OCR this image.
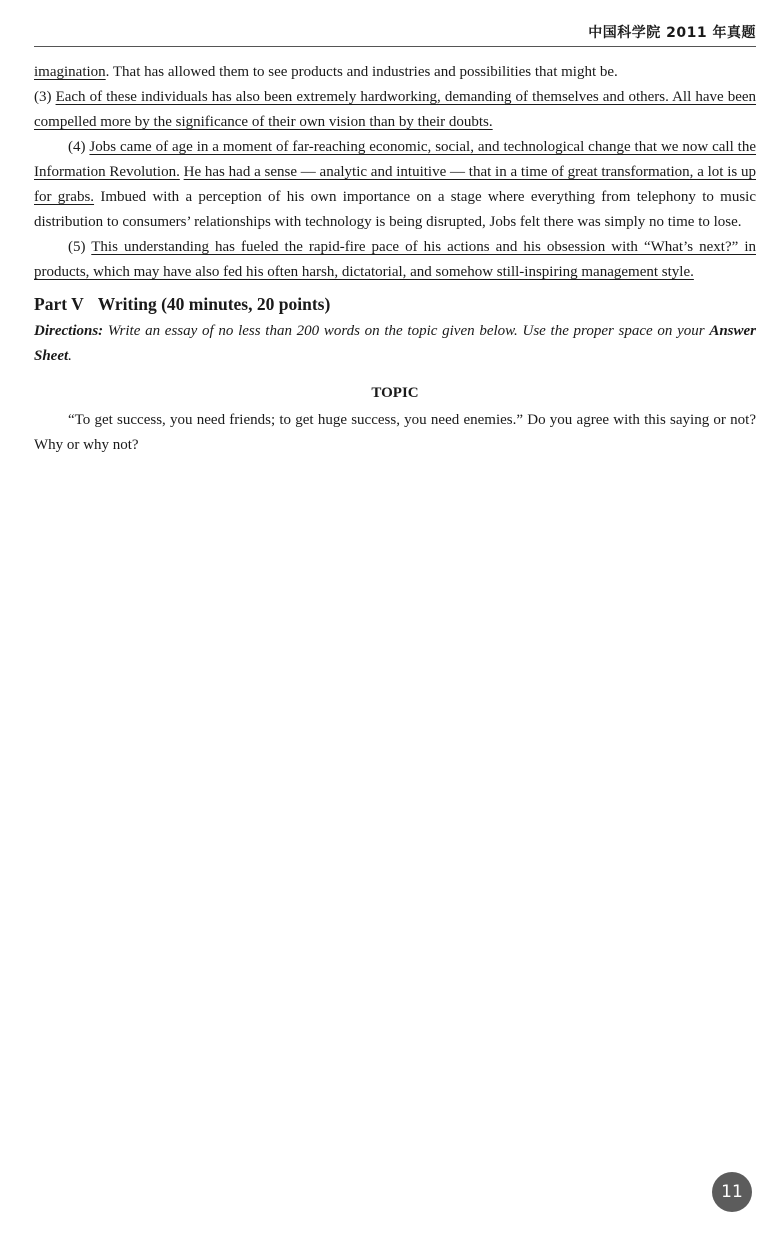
中国科学院 2011 年真题

imagination. That has allowed them to see products and industries and possibilities that might be.

(3) Each of these individuals has also been extremely hardworking, demanding of themselves and others. All have been compelled more by the significance of their own vision than by their doubts.

(4) Jobs came of age in a moment of far-reaching economic, social, and technological change that we now call the Information Revolution. He has had a sense — analytic and intuitive — that in a time of great transformation, a lot is up for grabs. Imbued with a perception of his own importance on a stage where everything from telephony to music distribution to consumers’ relationships with technology is being disrupted, Jobs felt there was simply no time to lose.

(5) This understanding has fueled the rapid-fire pace of his actions and his obsession with “What’s next?” in products, which may have also fed his often harsh, dictatorial, and somehow still-inspiring management style.

Part V Writing (40 minutes, 20 points)

Directions: Write an essay of no less than 200 words on the topic given below. Use the proper space on your Answer Sheet.

TOPIC

“To get success, you need friends; to get huge success, you need enemies.” Do you agree with this saying or not? Why or why not?

11
